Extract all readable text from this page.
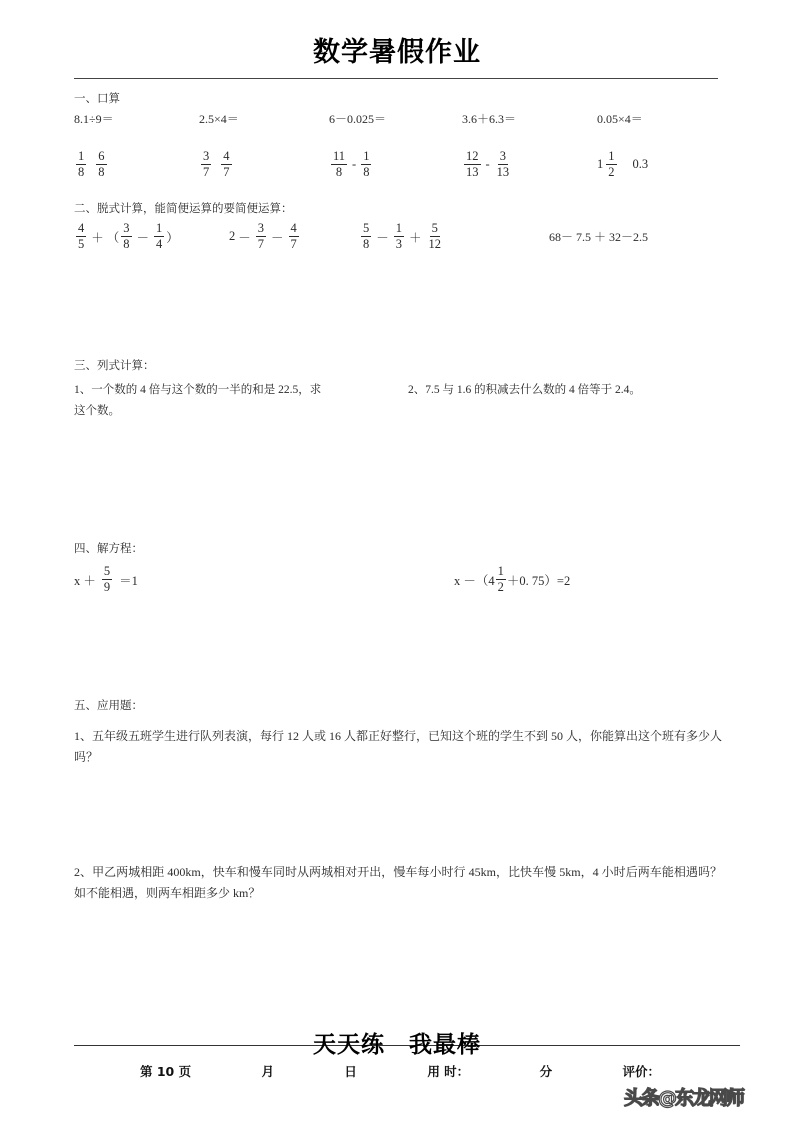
数学暑假作业
一、口算
8.1÷9＝	2.5×4＝	6－0.025＝	3.6＋6.3＝	0.05×4＝
$\frac{1}{8} \frac{6}{8}$	$\frac{3}{7} \frac{4}{7}$	$\frac{11}{8} - \frac{1}{8}$	$\frac{12}{13} - \frac{3}{13}$	$1 \frac{1}{2} 0.3$
二、脱式计算，能简便运算的要简便运算：
$\frac{4}{5}$ ＋ （ $\frac{3}{8} - \frac{1}{4}$ ）	$2 - \frac{3}{7} - \frac{4}{7}$	$\frac{5}{8} - \frac{1}{3} + \frac{5}{12}$	68－ 7.5 ＋ 32－2.5
三、列式计算：
1、一个数的 4 倍与这个数的一半的和是 22.5，求
这个数。
2、7.5 与 1.6 的积减去什么数的 4 倍等于 2.4。
四、解方程：
$x + \frac{5}{9} =1$	$x -(4 \frac{1}{2} +0$. 75）=2
五、应用题：
1、五年级五班学生进行队列表演，每行 12 人或 16 人都正好整行，已知这个班的学生不到 50 人，你能算出这个班有多少人吗？
2、甲乙两城相距 400km，快车和慢车同时从两城相对开出，慢车每小时行 45km，比快车慢 5km，4 小时后两车能相遇吗？如不能相遇，则两车相距多少 km？
天天练　我最棒
第 10 页	月	日	用 时：	分	评价：
头条@东龙网师
